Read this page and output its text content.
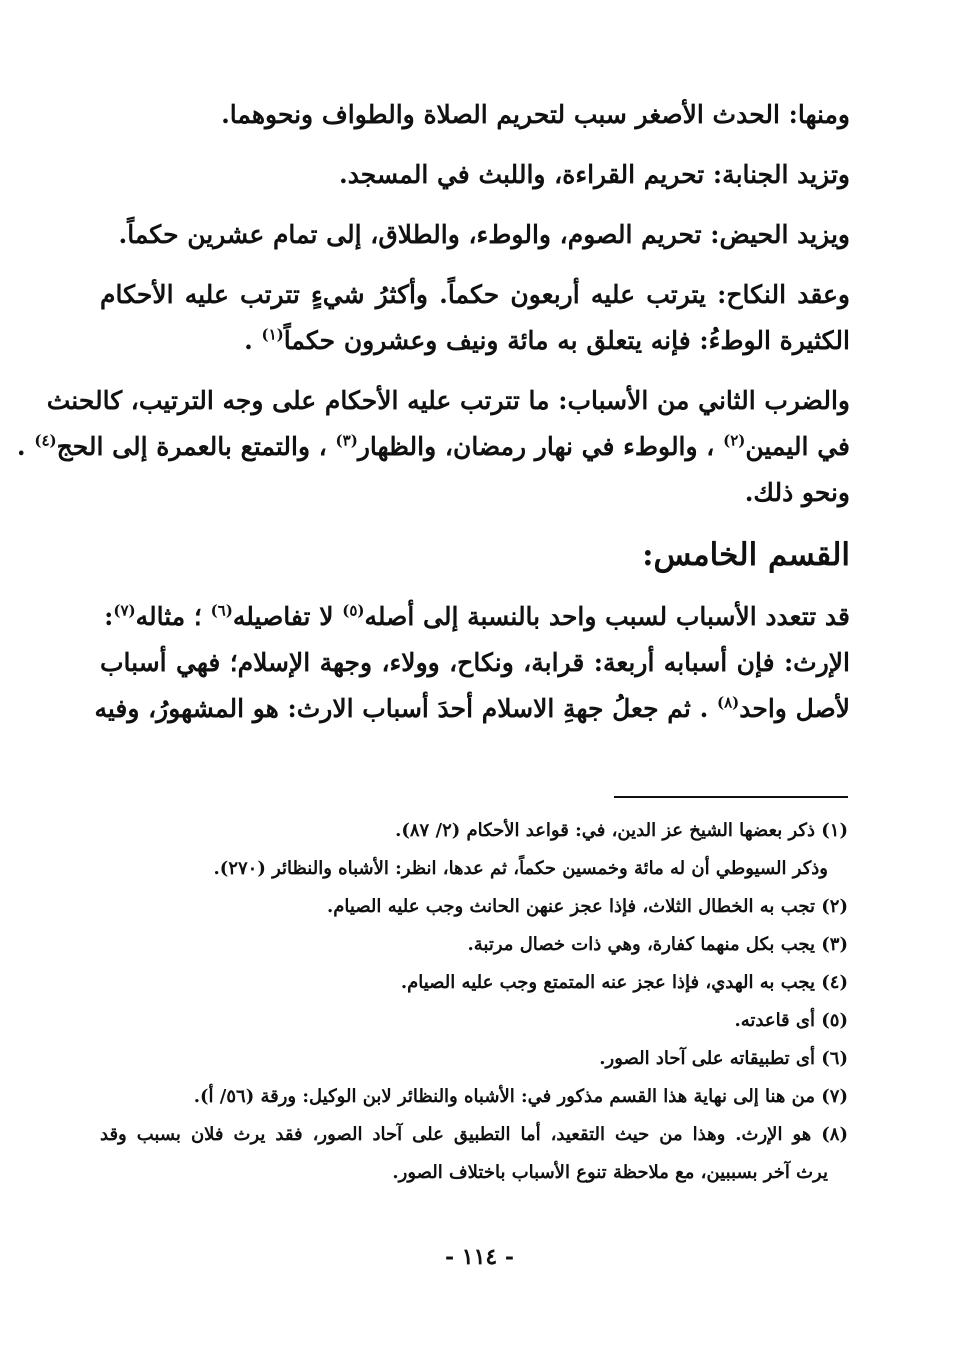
ومنها: الحدث الأصغر سبب لتحريم الصلاة والطواف ونحوهما.
وتزيد الجنابة: تحريم القراءة، واللبث في المسجد.
ويزيد الحيض: تحريم الصوم، والوطء، والطلاق، إلى تمام عشرين حكماً.
وعقد النكاح: يترتب عليه أربعون حكماً. وأكثرُ شيءٍ تترتب عليه الأحكام
الكثيرة الوطءُ: فإنه يتعلق به مائة ونيف وعشرون حكماً$^{(١)}$ .
والضرب الثاني من الأسباب: ما تترتب عليه الأحكام على وجه الترتيب، كالحنث
في اليمين$^{(٢)}$ ، والوطء في نهار رمضان، والظهار$^{(٣)}$ ، والتمتع بالعمرة إلى الحج$^{(٤)}$ .
ونحو ذلك.
القسم الخامس:
قد تتعدد الأسباب لسبب واحد بالنسبة إلى أصله$^{(٥)}$ لا تفاصيله$^{(٦)}$ ؛ مثاله$^{(٧)}$:
الإرث: فإن أسبابه أربعة: قرابة، ونكاح، وولاء، وجهة الإسلام؛ فهي أسباب
لأصل واحد$^{(٨)}$ . ثم جعلُ جهةِ الاسلام أحدَ أسباب الارث: هو المشهورُ، وفيه
(١) ذكر بعضها الشيخ عز الدين، في: قواعد الأحكام (٢/ ٨٧).
وذكر السيوطي أن له مائة وخمسين حكماً، ثم عدها، انظر: الأشباه والنظائر (٢٧٠).
(٢) تجب به الخطال الثلاث، فإذا عجز عنهن الحانث وجب عليه الصيام.
(٣) يجب بكل منهما كفارة، وهي ذات خصال مرتبة.
(٤) يجب به الهدي، فإذا عجز عنه المتمتع وجب عليه الصيام.
(٥) أى قاعدته.
(٦) أى تطبيقاته على آحاد الصور.
(٧) من هنا إلى نهاية هذا القسم مذكور في: الأشباه والنظائر لابن الوكيل: ورقة (٥٦/ أ).
(٨) هو الإرث. وهذا من حيث التقعيد، أما التطبيق على آحاد الصور، فقد يرث فلان بسبب وقد
يرث آخر بسببين، مع ملاحظة تنوع الأسباب باختلاف الصور.
- ١١٤ -
